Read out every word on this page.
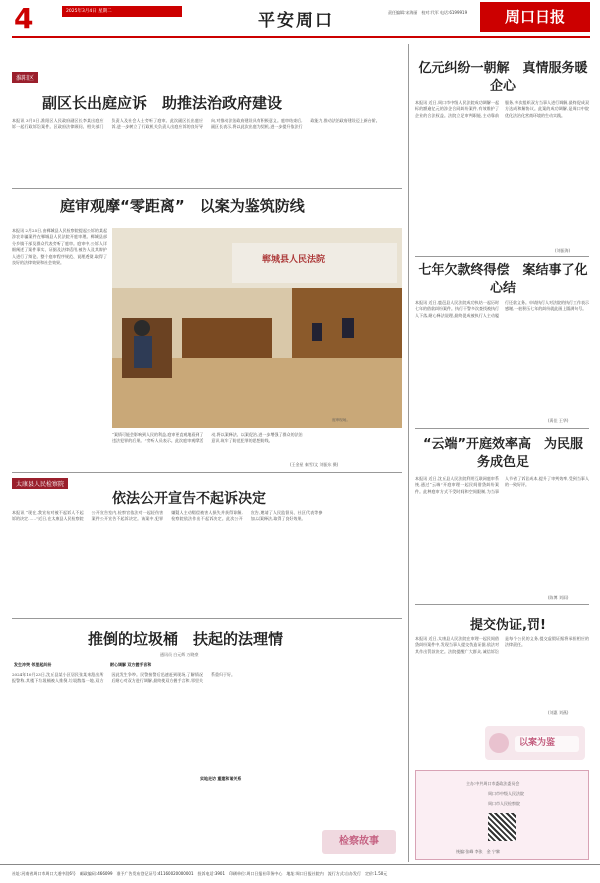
4	2025年3月4日 星期二	平安周口	责任编辑:宋海丽　校对:代军 电话:6199919	周口日报
淮阳区
副区长出庭应诉　助推法治政府建设
本报讯 3月5日,淮阳区人民政府副区长李某出庭应诉一起行政诉讼案件。区政府法律顾问、相关部门负责人及社会人士旁听了庭审。此次副区长出庭应诉,进一步树立了行政机关负责人出庭应诉的良好导向,对推动法治政府建设具有积极意义。庭审结束后,副区长表示,将以此次出庭为契机,进一步提升依法行政能力,推动法治政府建设迈上新台阶。
庭审观摩“零距离”　以案为鉴筑防线
本报讯 2月25日,由郸城县人民检察院提起公诉的某起涉农诈骗案件在郸城县人民法院开庭审理。郸城县部分乡镇干部及群众代表旁听了庭审。庭审中,公诉人详细阐述了案件事实、证据及法律适用,被告人及其辩护人进行了辩论。整个庭审程序规范、说理透彻,取得了良好的法律效果和社会效果。	郸城县人民法院
庭审现场。
“案情可能会影响到人民的利益,庭审更直观地看到了违法犯罪的后果。”旁听人员表示。此次庭审观摩活动,将以案释法、以案促治,进一步增强了群众的法治意识,筑牢了防范犯罪的思想防线。
(王金星 秦雪/文 刘振东 摄)
太康县人民检察院
依法公开宣告不起诉决定
本报讯 “现在,我宣布对被不起诉人不起诉的决定……”近日,在太康县人民检察院公开宣告室内,检察官依法对一起轻伤害案件公开宣告不起诉决定。该案中,犯罪嫌疑人主动赔偿被害人损失并获得谅解,检察院依法作出不起诉决定。此次公开宣告,邀请了人民监督员、社区代表等参加,以案释法,取得了良好效果。
推倒的垃圾桶　扶起的法理情
通讯员 白元辉 万晓豪
发生冲突 邻里起纠纷	耐心调解 双方握手言和
实地走访 重建和谐关系
2024年10月23日,沈丘县某小区居民张某来派出所报警称,其楼下垃圾桶被人推倒,垃圾散落一地,双方因此发生争吵。民警接警后迅速赶到现场,了解情况后耐心对双方进行调解,最终使双方握手言和,邻里关系重归于好。
检察故事
亿元纠纷一朝解　真情服务暖企心
本报讯 近日,周口市中级人民法院成功调解一起标的额逾亿元的涉企合同纠纷案件,有效维护了企业的合法权益。法院立足审判职能,主动靠前服务,多次组织双方当事人进行调解,最终促成双方达成和解协议。此案的成功调解,是周口中院优化法治化营商环境的生动实践。
(刘振海)
七年欠款终得偿　案结事了化心结
本报讯 近日,鹿邑县人民法院成功执结一起历时七年的借款纠纷案件。执行干警多次查找被执行人下落,耐心释法说理,最终促成被执行人主动履行还款义务。申请执行人对法院的执行工作表示感谢,一桩积压七年的纠纷就此画上圆满句号。
(禹佳 王华)
“云端”开庭效率高　为民服务成色足
本报讯 近日,沈丘县人民法院利用互联网庭审系统,通过“云端”开庭审理一起民间借贷纠纷案件。此种庭审方式不受时间和空间限制,为当事人节省了诉讼成本,提升了审判效率,受到当事人的一致好评。
(陈博 刘雨)
提交伪证,罚!
本报讯 近日,太康县人民法院在审理一起民间借贷纠纷案件中,发现当事人提交伪造证据,依法对其作出罚款决定。法院提醒广大群众,诚信诉讼是每个公民的义务,提交虚假证据将承担相应的法律责任。
(刘惠 刘燕)
以案为鉴
主办:中共周口市委政法委员会
周口市中级人民法院
周口市人民检察院
统编:张峰 李张　金 宁黎
社址:河南省周口市周口大道中段6号　邮政编码:466099　准予广告发布登记证号:41160020000001　投诉电话:3901　印刷单位:周口日报社印务中心　地址:周口日报社院内　流行方式:自办发行　定价:1.50元
